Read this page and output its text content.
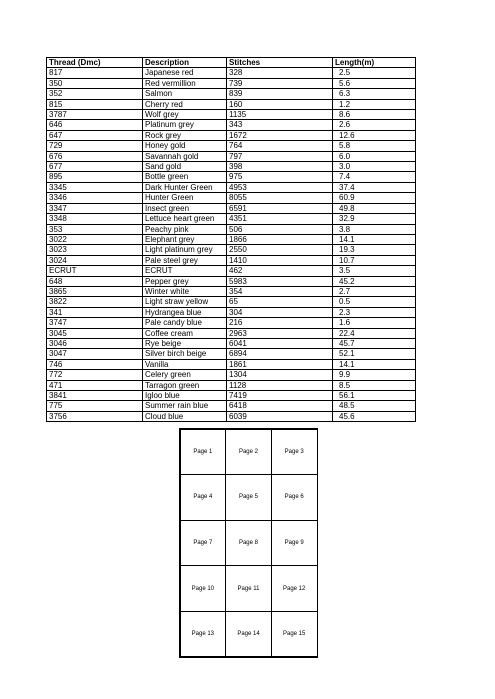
Thread (Dmc)	Description	Stitches	Length(m)
817	Japanese red	328	2.5
350	Red vermillion	739	5.6
352	Salmon	839	6.3
815	Cherry red	160	1.2
3787	Wolf grey	1135	8.6
646	Platinum grey	343	2.6
647	Rock grey	1672	12.6
729	Honey gold	764	5.8
676	Savannah gold	797	6.0
677	Sand gold	398	3.0
895	Bottle green	975	7.4
3345	Dark Hunter Green	4953	37.4
3346	Hunter Green	8055	60.9
3347	Insect green	6591	49.8
3348	Lettuce heart green	4351	32.9
353	Peachy pink	506	3.8
3022	Elephant grey	1866	14.1
3023	Light platinum grey	2550	19.3
3024	Pale steel grey	1410	10.7
ECRUT	ECRUT	462	3.5
648	Pepper grey	5983	45.2
3865	Winter white	354	2.7
3822	Light straw yellow	65	0.5
341	Hydrangea blue	304	2.3
3747	Pale candy blue	216	1.6
3045	Coffee cream	2963	22.4
3046	Rye beige	6041	45.7
3047	Silver birch beige	6894	52.1
746	Vanilla	1861	14.1
772	Celery green	1304	9.9
471	Tarragon green	1128	8.5
3841	Igloo blue	7419	56.1
775	Summer rain blue	6418	48.5
3756	Cloud blue	6039	45.6
Page 1	Page 2	Page 3
Page 4	Page 5	Page 6
Page 7	Page 8	Page 9
Page 10	Page 11	Page 12
Page 13	Page 14	Page 15
